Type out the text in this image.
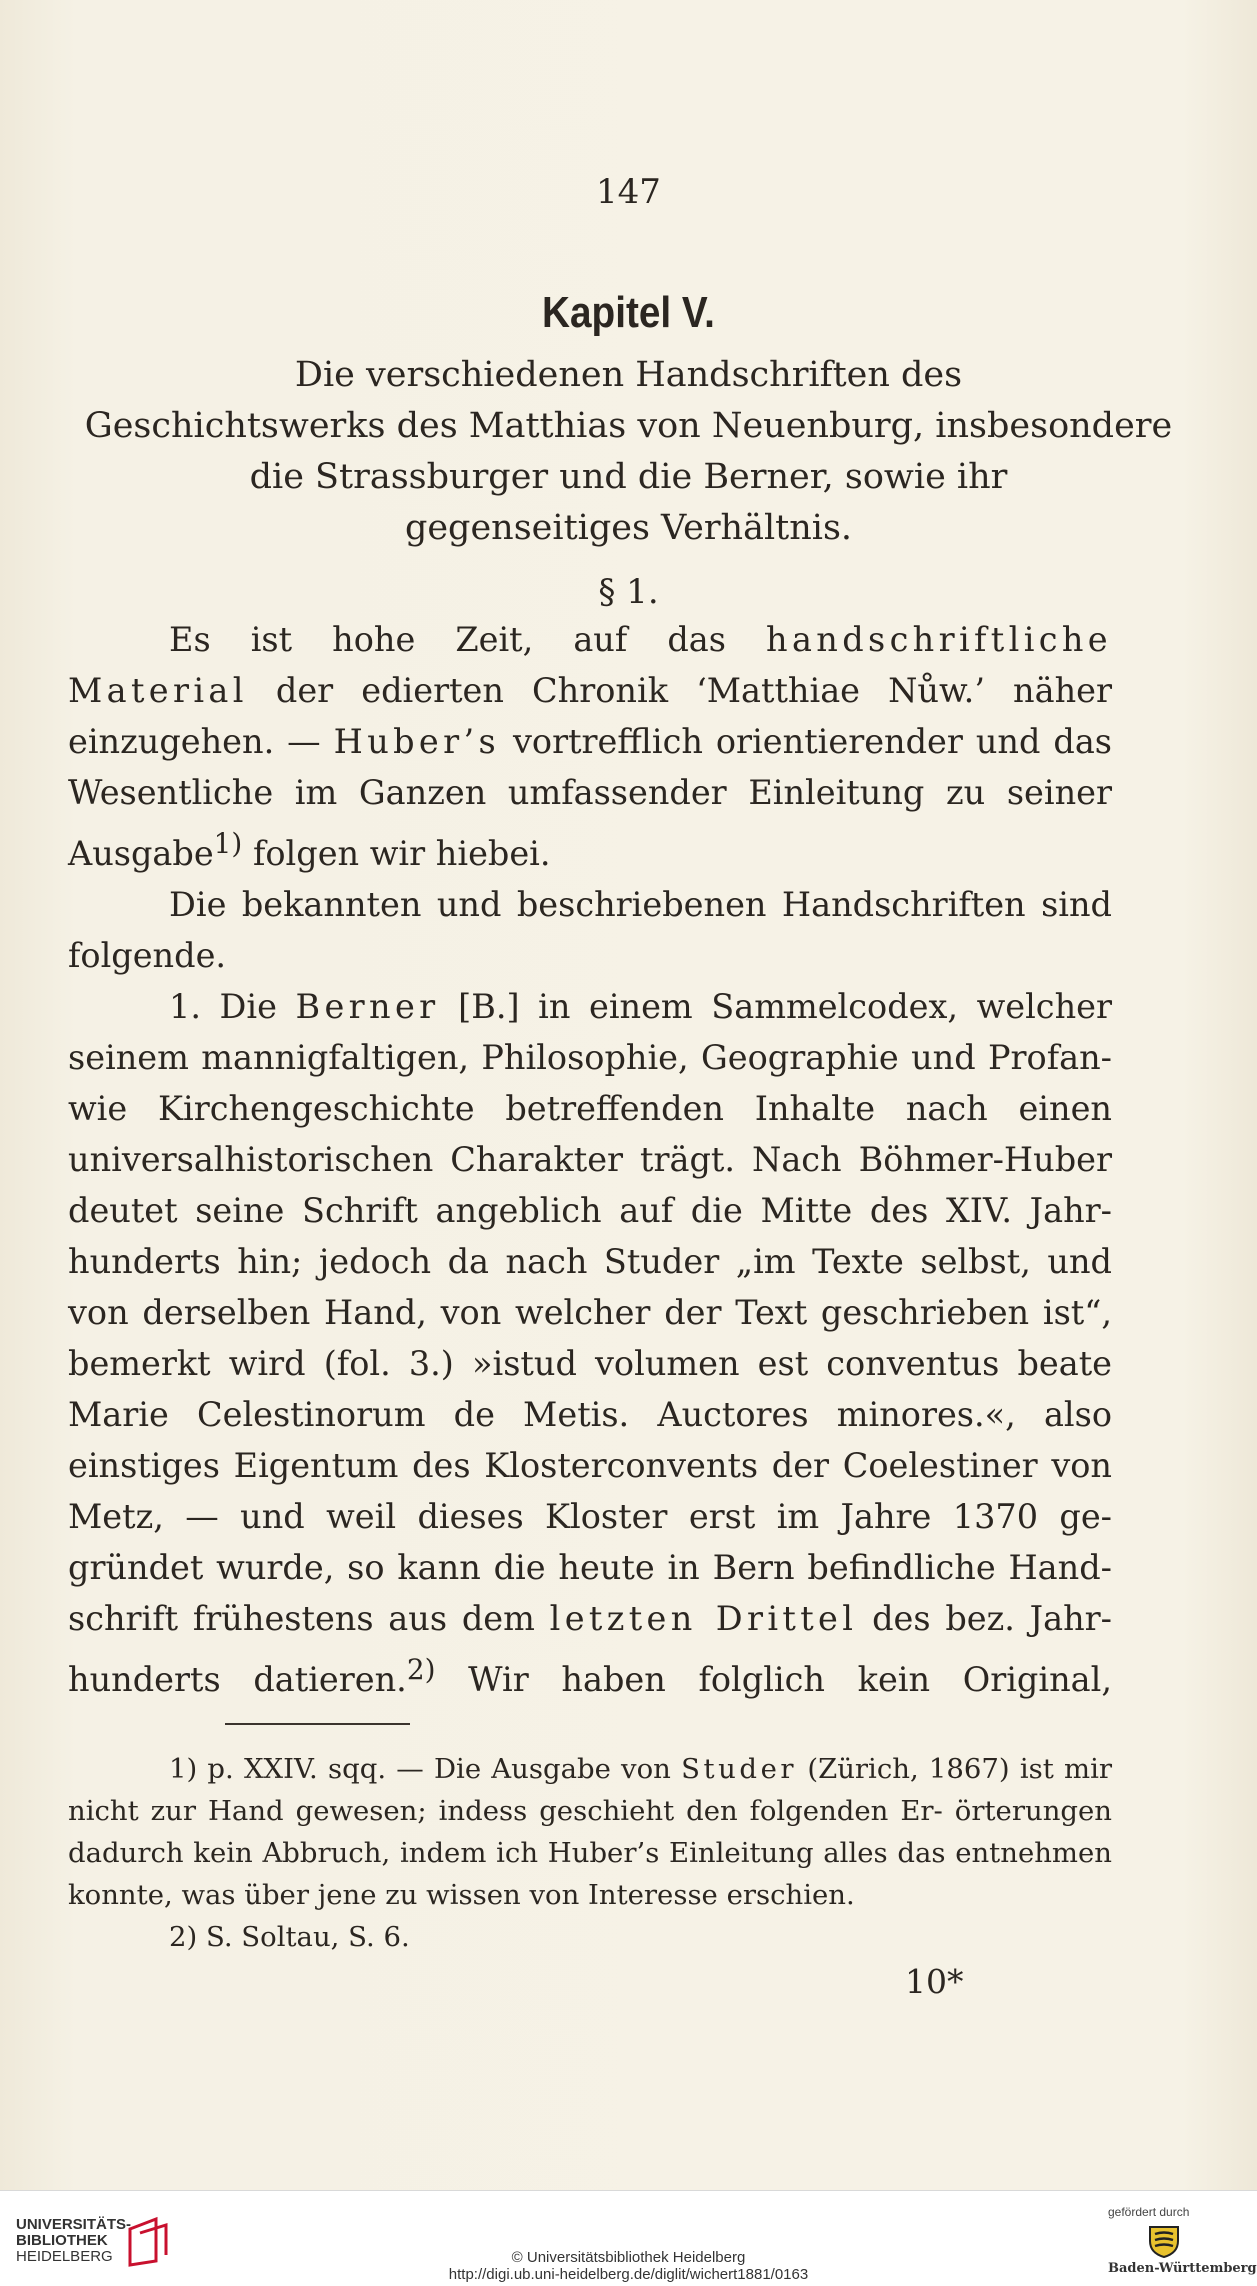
147
Kapitel V.
Die verschiedenen Handschriften des
Geschichtswerks des Matthias von Neuenburg, insbesondere
die Strassburger und die Berner, sowie ihr
gegenseitiges Verhältnis.
§ 1.

Es ist hohe Zeit, auf das handschriftliche Material der edierten Chronik ‘Matthiae Nůw.’ näher einzugehen. — Huber’s vortrefflich orientierender und das Wesentliche im Ganzen umfassender Einleitung zu seiner Ausgabe$^{1)}$ folgen wir hiebei.

Die bekannten und beschriebenen Handschriften sind folgende.

1. Die Berner [B.] in einem Sammelcodex, welcher seinem mannigfaltigen, Philosophie, Geographie und Profan- wie Kirchengeschichte betreffenden Inhalte nach einen universalhistorischen Charakter trägt. Nach Böhmer-Huber deutet seine Schrift angeblich auf die Mitte des XIV. Jahr- hunderts hin; jedoch da nach Studer „im Texte selbst, und von derselben Hand, von welcher der Text geschrieben ist“, bemerkt wird (fol. 3.) »istud volumen est conventus beate Marie Celestinorum de Metis. Auctores minores.«, also einstiges Eigentum des Klosterconvents der Coelestiner von Metz, — und weil dieses Kloster erst im Jahre 1370 ge- gründet wurde, so kann die heute in Bern befindliche Hand- schrift frühestens aus dem letzten Drittel des bez. Jahr- hunderts datieren.$^{2)}$ Wir haben folglich kein Original,

1) p. XXIV. sqq. — Die Ausgabe von Studer (Zürich, 1867) ist mir nicht zur Hand gewesen; indess geschieht den folgenden Er- örterungen dadurch kein Abbruch, indem ich Huber’s Einleitung alles das entnehmen konnte, was über jene zu wissen von Interesse erschien.

2) S. Soltau, S. 6.

10*
UNIVERSITÄTS-
BIBLIOTHEK
HEIDELBERG	© Universitätsbibliothek Heidelberg
http://digi.ub.uni-heidelberg.de/diglit/wichert1881/0163
gefördert durch
Baden-Württemberg
